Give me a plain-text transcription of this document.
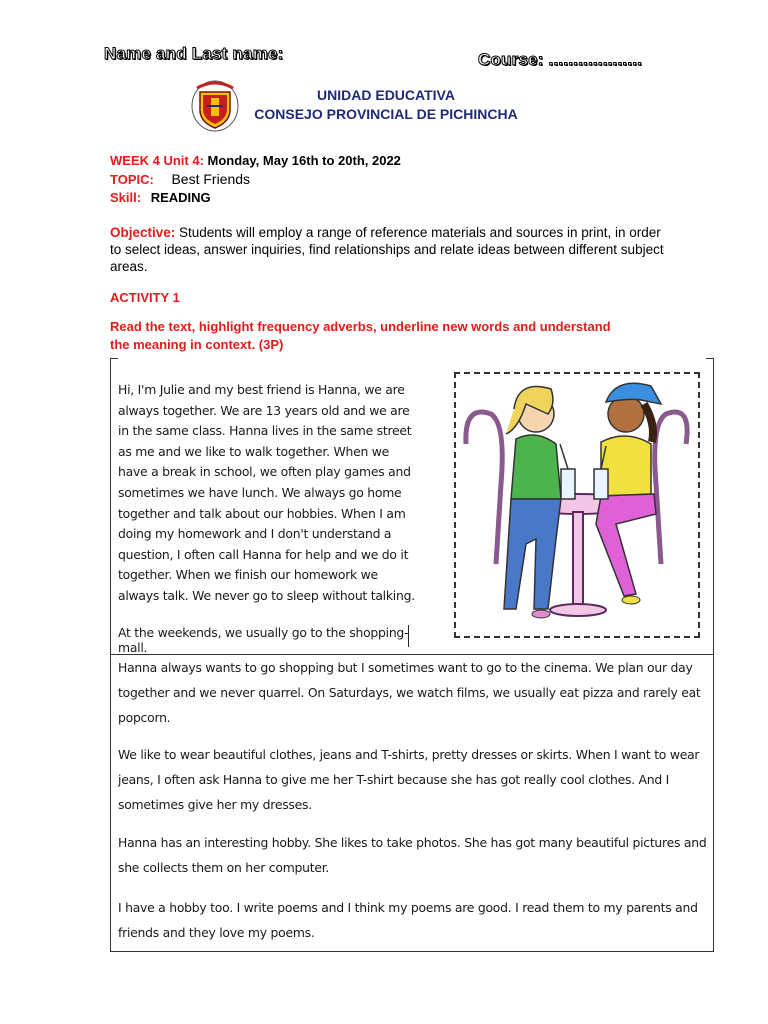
Name and Last name:	Course: ...................
UNIDAD EDUCATIVA
CONSEJO PROVINCIAL DE PICHINCHA
WEEK 4 Unit 4: Monday, May 16th to 20th, 2022
TOPIC: Best Friends
Skill: READING
Objective: Students will employ a range of reference materials and sources in print, in order to select ideas, answer inquiries, find relationships and relate ideas between different subject areas.
ACTIVITY 1
Read the text, highlight frequency adverbs, underline new words and understand the meaning in context. (3P)
Hi, I'm Julie and my best friend is Hanna, we are always together. We are 13 years old and we are in the same class. Hanna lives in the same street as me and we like to walk together. When we have a break in school, we often play games and sometimes we have lunch. We always go home together and talk about our hobbies. When I am doing my homework and I don't understand a question, I often call Hanna for help and we do it together. When we finish our homework we always talk. We never go to sleep without talking.
At the weekends, we usually go to the shopping-mall.
Hanna always wants to go shopping but I sometimes want to go to the cinema. We plan our day together and we never quarrel. On Saturdays, we watch films, we usually eat pizza and rarely eat popcorn.
We like to wear beautiful clothes, jeans and T-shirts, pretty dresses or skirts. When I want to wear jeans, I often ask Hanna to give me her T-shirt because she has got really cool clothes. And I sometimes give her my dresses.
Hanna has an interesting hobby. She likes to take photos. She has got many beautiful pictures and she collects them on her computer.
I have a hobby too. I write poems and I think my poems are good. I read them to my parents and friends and they love my poems.
